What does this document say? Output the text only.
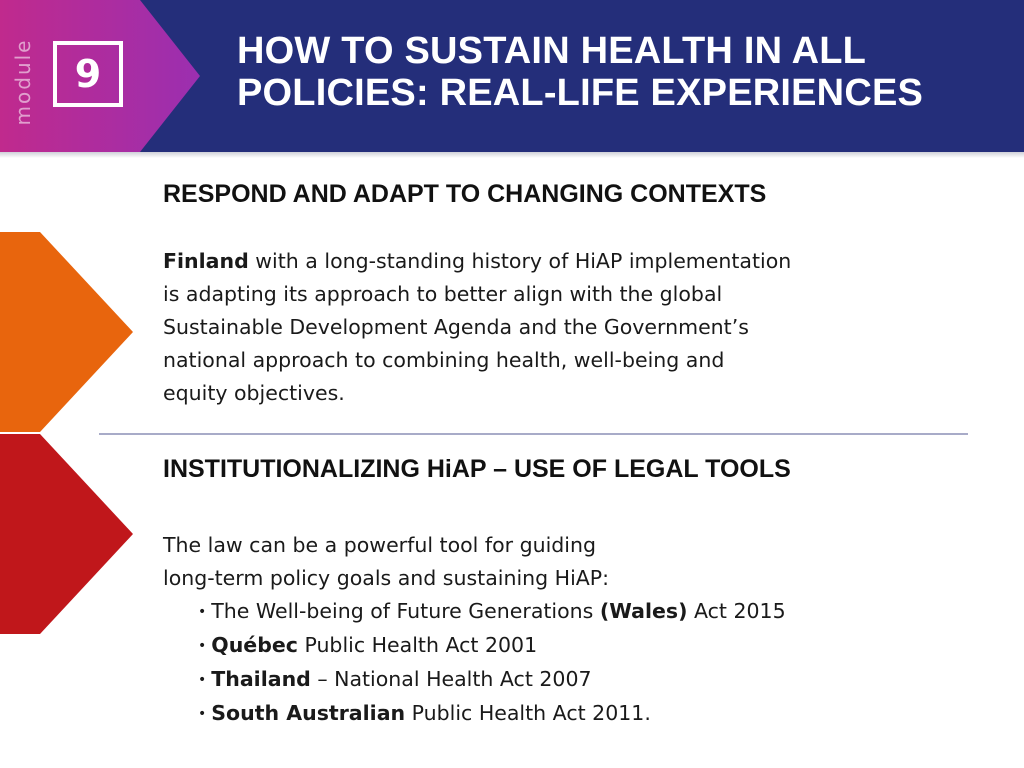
module 9
HOW TO SUSTAIN HEALTH IN ALL
POLICIES: REAL-LIFE EXPERIENCES
RESPOND AND ADAPT TO CHANGING CONTEXTS
Finland with a long-standing history of HiAP implementation
is adapting its approach to better align with the global
Sustainable Development Agenda and the Government’s
national approach to combining health, well-being and
equity objectives.
INSTITUTIONALIZING HiAP – USE OF LEGAL TOOLS
The law can be a powerful tool for guiding
long-term policy goals and sustaining HiAP:
• The Well-being of Future Generations (Wales) Act 2015
• Québec Public Health Act 2001
• Thailand – National Health Act 2007
• South Australian Public Health Act 2011.
